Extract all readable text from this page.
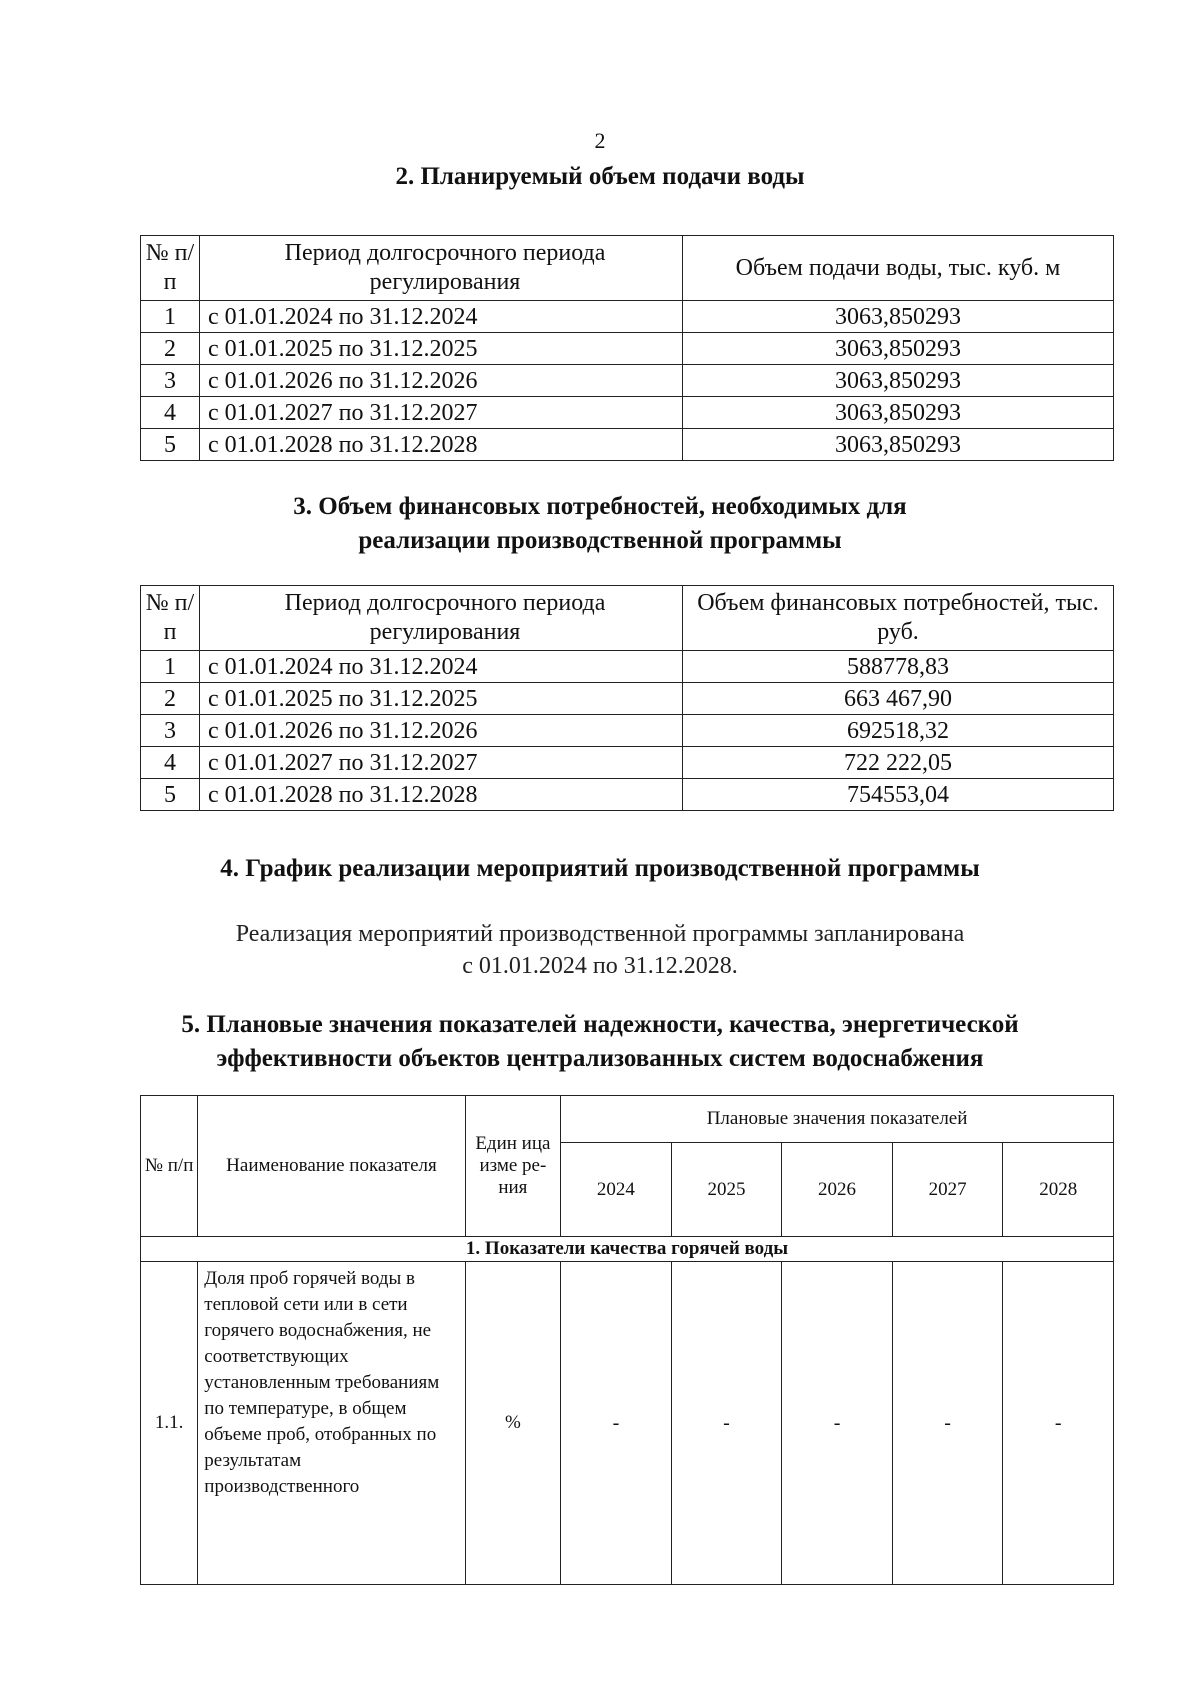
2
2. Планируемый объем подачи воды
№ п/п	Период долгосрочного периода регулирования	Объем подачи воды, тыс. куб. м
1	с 01.01.2024 по 31.12.2024	3063,850293
2	с 01.01.2025 по 31.12.2025	3063,850293
3	с 01.01.2026 по 31.12.2026	3063,850293
4	с 01.01.2027 по 31.12.2027	3063,850293
5	с 01.01.2028 по 31.12.2028	3063,850293
3. Объем финансовых потребностей, необходимых для
реализации производственной программы
№ п/п	Период долгосрочного периода регулирования	Объем финансовых потребностей, тыс. руб.
1	с 01.01.2024 по 31.12.2024	588778,83
2	с 01.01.2025 по 31.12.2025	663 467,90
3	с 01.01.2026 по 31.12.2026	692518,32
4	с 01.01.2027 по 31.12.2027	722 222,05
5	с 01.01.2028 по 31.12.2028	754553,04
4. График реализации мероприятий производственной программы
Реализация мероприятий производственной программы запланирована
с 01.01.2024 по 31.12.2028.
5. Плановые значения показателей надежности, качества, энергетической
эффективности объектов централизованных систем водоснабжения
№ п/п	Наименование показателя	Един ица изме ре- ния	Плановые значения показателей				
			2024	2025	2026	2027	2028
1. Показатели качества горячей воды							
1.1.	Доля проб горячей воды в тепловой сети или в сети горячего водоснабжения, не соответствующих установленным требованиям по температуре, в общем объеме проб, отобранных по результатам производственного	%	-	-	-	-	-
